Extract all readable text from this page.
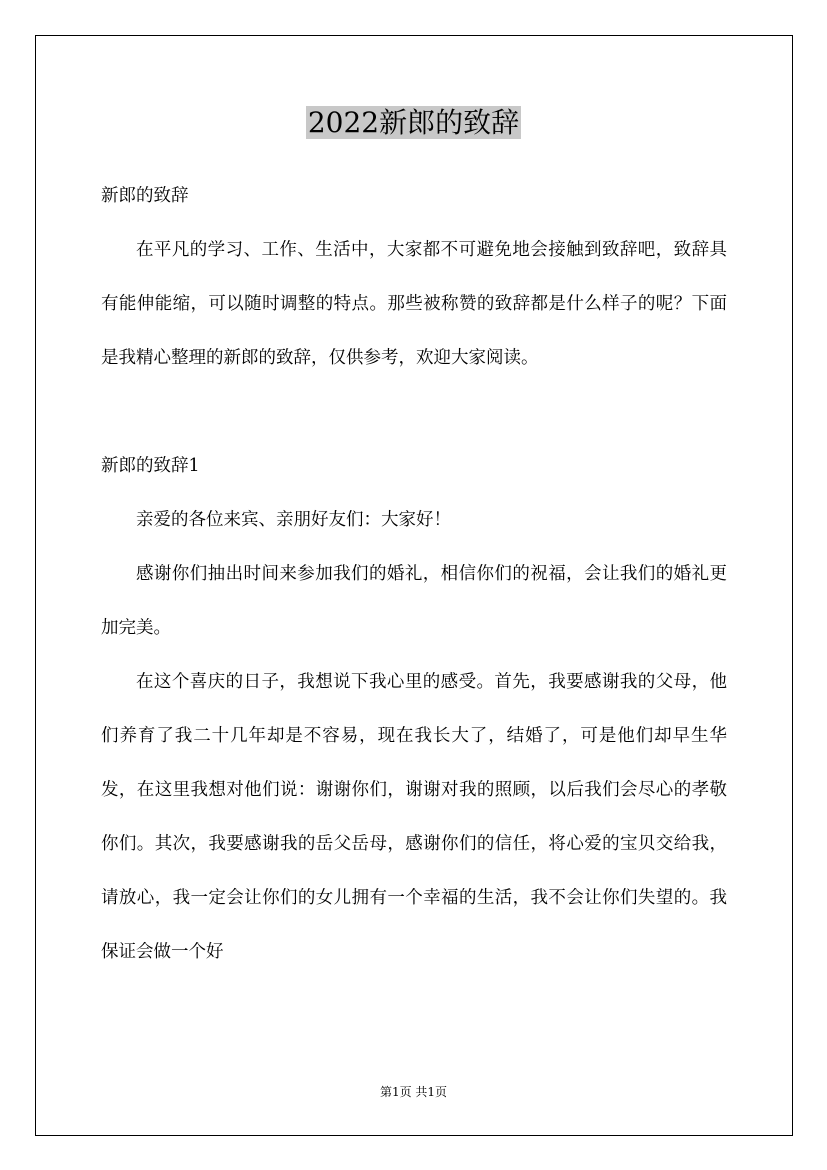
2022新郎的致辞

新郎的致辞

在平凡的学习、工作、生活中，大家都不可避免地会接触到致辞吧，致辞具有能伸能缩，可以随时调整的特点。那些被称赞的致辞都是什么样子的呢？下面是我精心整理的新郎的致辞，仅供参考，欢迎大家阅读。

新郎的致辞1

亲爱的各位来宾、亲朋好友们：大家好！

感谢你们抽出时间来参加我们的婚礼，相信你们的祝福，会让我们的婚礼更加完美。

在这个喜庆的日子，我想说下我心里的感受。首先，我要感谢我的父母，他们养育了我二十几年却是不容易，现在我长大了，结婚了，可是他们却早生华发，在这里我想对他们说：谢谢你们，谢谢对我的照顾，以后我们会尽心的孝敬你们。其次，我要感谢我的岳父岳母，感谢你们的信任，将心爱的宝贝交给我，请放心，我一定会让你们的女儿拥有一个幸福的生活，我不会让你们失望的。我保证会做一个好

第1页 共1页
